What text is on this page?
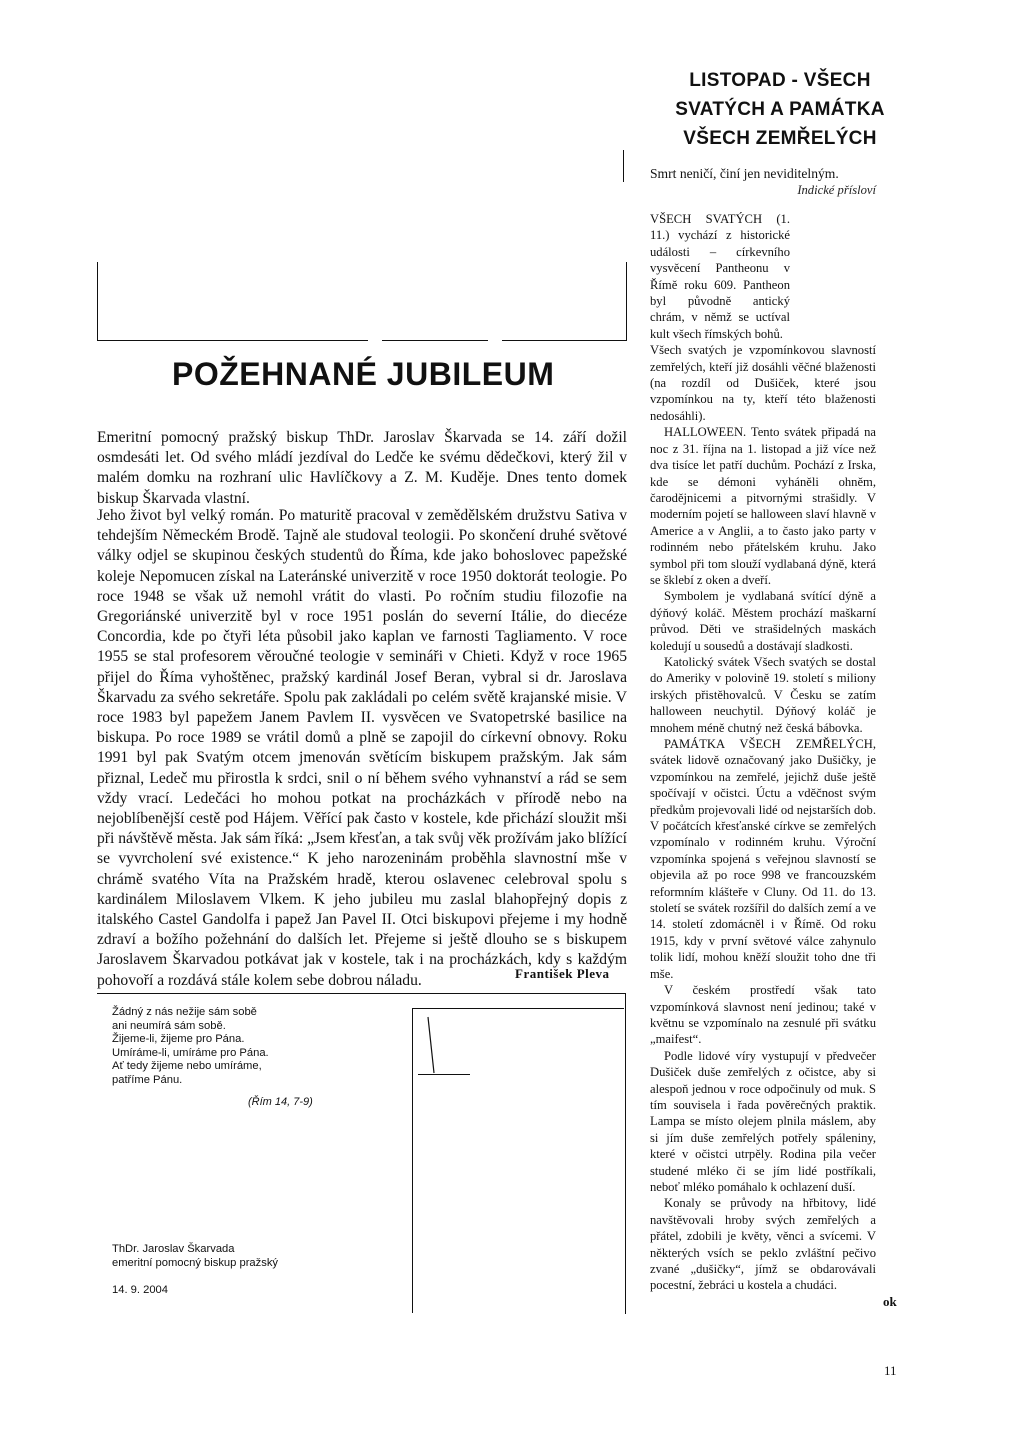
POŽEHNANÉ JUBILEUM

Emeritní pomocný pražský biskup ThDr. Jaroslav Škarvada se 14. září dožil osmdesáti let. Od svého mládí jezdíval do Ledče ke svému dědečkovi, který žil v malém domku na rozhraní ulic Havlíčkovy a Z. M. Kuděje. Dnes tento domek biskup Škarvada vlastní.

Jeho život byl velký román. Po maturitě pracoval v zemědělském družstvu Sativa v tehdejším Německém Brodě. Tajně ale studoval teologii. Po skončení druhé světové války odjel se skupinou českých studentů do Říma, kde jako bohoslovec papežské koleje Nepomucen získal na Lateránské univerzitě v roce 1950 doktorát teologie. Po roce 1948 se však už nemohl vrátit do vlasti. Po ročním studiu filozofie na Gregoriánské univerzitě byl v roce 1951 poslán do severní Itálie, do diecéze Concordia, kde po čtyři léta působil jako kaplan ve farnosti Tagliamento. V roce 1955 se stal profesorem věroučné teologie v semináři v Chieti. Když v roce 1965 přijel do Říma vyhoštěnec, pražský kardinál Josef Beran, vybral si dr. Jaroslava Škarvadu za svého sekretáře. Spolu pak zakládali po celém světě krajanské misie. V roce 1983 byl papežem Janem Pavlem II. vysvěcen ve Svatopetrské basilice na biskupa. Po roce 1989 se vrátil domů a plně se zapojil do církevní obnovy. Roku 1991 byl pak Svatým otcem jmenován světícím biskupem pražským. Jak sám přiznal, Ledeč mu přirostla k srdci, snil o ní během svého vyhnanství a rád se sem vždy vrací. Ledečáci ho mohou potkat na procházkách v přírodě nebo na nejoblíbenější cestě pod Hájem. Věřící pak často v kostele, kde přichází sloužit mši při návštěvě města. Jak sám říká: „Jsem křesťan, a tak svůj věk prožívám jako blížící se vyvrcholení své existence.“ K jeho narozeninám proběhla slavnostní mše v chrámě svatého Víta na Pražském hradě, kterou oslavenec celebroval spolu s kardinálem Miloslavem Vlkem. K jeho jubileu mu zaslal blahopřejný dopis z italského Castel Gandolfa i papež Jan Pavel II. Otci biskupovi přejeme i my hodně zdraví a božího požehnání do dalších let. Přejeme si ještě dlouho se s biskupem Jaroslavem Škarvadou potkávat jak v kostele, tak i na procházkách, kdy s každým pohovoří a rozdává stále kolem sebe dobrou náladu.	František Pleva
Žádný z nás nežije sám sobě
ani neumírá sám sobě.
Žijeme-li, žijeme pro Pána.
Umíráme-li, umíráme pro Pána.
Ať tedy žijeme nebo umíráme,
patříme Pánu.
(Řím 14, 7-9)
ThDr. Jaroslav Škarvada
emeritní pomocný biskup pražský
14. 9. 2004
LISTOPAD - VŠECH
SVATÝCH A PAMÁTKA
VŠECH ZEMŘELÝCH
Smrt neničí, činí jen neviditelným.
Indické přísloví

VŠECH SVATÝCH (1. 11.) vychází z historické události – církevního vysvěcení Pantheonu v Římě roku 609. Pantheon byl původně antický chrám, v němž se uctíval kult všech římských bohů.

Všech svatých je vzpomínkovou slavností zemřelých, kteří již dosáhli věčné blaženosti (na rozdíl od Dušiček, které jsou vzpomínkou na ty, kteří této blaženosti nedosáhli).

HALLOWEEN. Tento svátek připadá na noc z 31. října na 1. listopad a již více než dva tisíce let patří duchům. Pochází z Irska, kde se démoni vyháněli ohněm, čarodějnicemi a pitvornými strašidly. V moderním pojetí se halloween slaví hlavně v Americe a v Anglii, a to často jako party v rodinném nebo přátelském kruhu. Jako symbol při tom slouží vydlabaná dýně, která se šklebí z oken a dveří.

Symbolem je vydlabaná svítící dýně a dýňový koláč. Městem prochází maškarní průvod. Děti ve strašidelných maskách koledují u sousedů a dostávají sladkosti.

Katolický svátek Všech svatých se dostal do Ameriky v polovině 19. století s miliony irských přistěhovalců. V Česku se zatím halloween neuchytil. Dýňový koláč je mnohem méně chutný než česká bábovka.

PAMÁTKA VŠECH ZEMŘELÝCH, svátek lidově označovaný jako Dušičky, je vzpomínkou na zemřelé, jejichž duše ještě spočívají v očistci. Úctu a vděčnost svým předkům projevovali lidé od nejstarších dob. V počátcích křesťanské církve se zemřelých vzpomínalo v rodinném kruhu. Výroční vzpomínka spojená s veřejnou slavností se objevila až po roce 998 ve francouzském reformním klášteře v Cluny. Od 11. do 13. století se svátek rozšířil do dalších zemí a ve 14. století zdomácněl i v Římě. Od roku 1915, kdy v první světové válce zahynulo tolik lidí, mohou kněží sloužit toho dne tři mše.

V českém prostředí však tato vzpomínková slavnost není jedinou; také v květnu se vzpomínalo na zesnulé při svátku „maifest“.

Podle lidové víry vystupují v předvečer Dušiček duše zemřelých z očistce, aby si alespoň jednou v roce odpočinuly od muk. S tím souvisela i řada pověrečných praktik. Lampa se místo olejem plnila máslem, aby si jím duše zemřelých potřely spáleniny, které v očistci utrpěly. Rodina pila večer studené mléko či se jím lidé postříkali, neboť mléko pomáhalo k ochlazení duší.

Konaly se průvody na hřbitovy, lidé navštěvovali hroby svých zemřelých a přátel, zdobili je květy, věnci a svícemi. V některých vsích se peklo zvláštní pečivo zvané „dušičky“, jímž se obdarovávali pocestní, žebráci u kostela a chudáci.

ok
11
